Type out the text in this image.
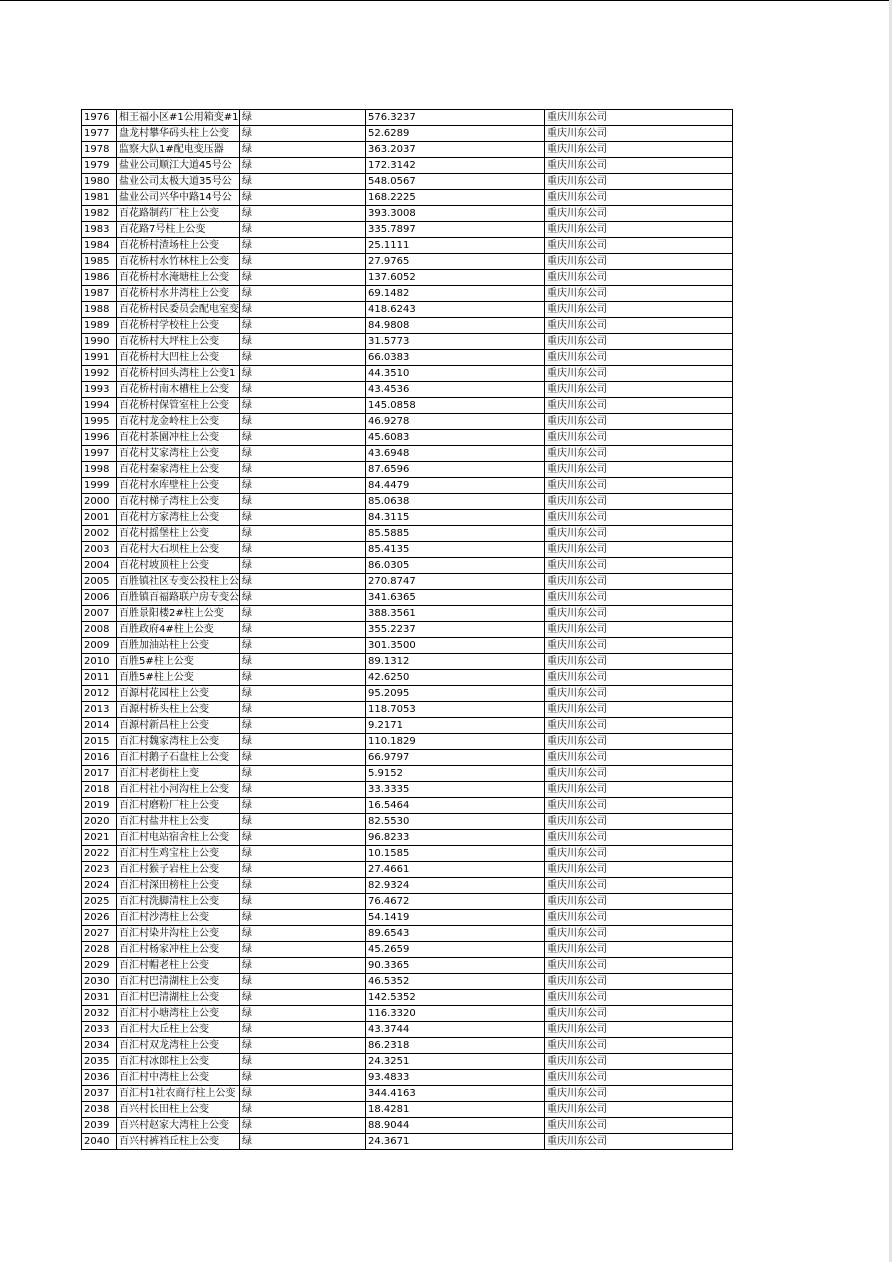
1976	相王福小区#1公用箱变#1	绿	576.3237	重庆川东公司
1977	盘龙村攀华码头柱上公变	绿	52.6289	重庆川东公司
1978	监察大队1#配电变压器	绿	363.2037	重庆川东公司
1979	盐业公司顺江大道45号公	绿	172.3142	重庆川东公司
1980	盐业公司太极大道35号公	绿	548.0567	重庆川东公司
1981	盐业公司兴华中路14号公	绿	168.2225	重庆川东公司
1982	百花路制药厂柱上公变	绿	393.3008	重庆川东公司
1983	百花路7号柱上公变	绿	335.7897	重庆川东公司
1984	百花桥村渣场柱上公变	绿	25.1111	重庆川东公司
1985	百花桥村水竹林柱上公变	绿	27.9765	重庆川东公司
1986	百花桥村水淹塘柱上公变	绿	137.6052	重庆川东公司
1987	百花桥村水井湾柱上公变	绿	69.1482	重庆川东公司
1988	百花桥村民委员会配电室变	绿	418.6243	重庆川东公司
1989	百花桥村学校柱上公变	绿	84.9808	重庆川东公司
1990	百花桥村大坪柱上公变	绿	31.5773	重庆川东公司
1991	百花桥村大凹柱上公变	绿	66.0383	重庆川东公司
1992	百花桥村回头湾柱上公变1	绿	44.3510	重庆川东公司
1993	百花桥村南木槽柱上公变	绿	43.4536	重庆川东公司
1994	百花桥村保管室柱上公变	绿	145.0858	重庆川东公司
1995	百花村龙金岭柱上公变	绿	46.9278	重庆川东公司
1996	百花村茶園冲柱上公变	绿	45.6083	重庆川东公司
1997	百花村艾家湾柱上公变	绿	43.6948	重庆川东公司
1998	百花村秦家湾柱上公变	绿	87.6596	重庆川东公司
1999	百花村水库壁柱上公变	绿	84.4479	重庆川东公司
2000	百花村梯子湾柱上公变	绿	85.0638	重庆川东公司
2001	百花村方家湾柱上公变	绿	84.3115	重庆川东公司
2002	百花村摇堡柱上公变	绿	85.5885	重庆川东公司
2003	百花村大石坝柱上公变	绿	85.4135	重庆川东公司
2004	百花村坡顶柱上公变	绿	86.0305	重庆川东公司
2005	百胜镇社区专变公投柱上公	绿	270.8747	重庆川东公司
2006	百胜镇百福路联户房专变公	绿	341.6365	重庆川东公司
2007	百胜景阳楼2#柱上公变	绿	388.3561	重庆川东公司
2008	百胜政府4#柱上公变	绿	355.2237	重庆川东公司
2009	百胜加油站柱上公变	绿	301.3500	重庆川东公司
2010	百胜5#柱上公变	绿	89.1312	重庆川东公司
2011	百胜5#柱上公变	绿	42.6250	重庆川东公司
2012	百源村花园柱上公变	绿	95.2095	重庆川东公司
2013	百源村桥头柱上公变	绿	118.7053	重庆川东公司
2014	百源村新昌柱上公变	绿	9.2171	重庆川东公司
2015	百汇村魏家湾柱上公变	绿	110.1829	重庆川东公司
2016	百汇村鹅子石盘柱上公变	绿	66.9797	重庆川东公司
2017	百汇村老街柱上变	绿	5.9152	重庆川东公司
2018	百汇村社小河沟柱上公变	绿	33.3335	重庆川东公司
2019	百汇村磨粉厂柱上公变	绿	16.5464	重庆川东公司
2020	百汇村盐井柱上公变	绿	82.5530	重庆川东公司
2021	百汇村电站宿舍柱上公变	绿	96.8233	重庆川东公司
2022	百汇村生鸡宝柱上公变	绿	10.1585	重庆川东公司
2023	百汇村猴子岩柱上公变	绿	27.4661	重庆川东公司
2024	百汇村深田榜柱上公变	绿	82.9324	重庆川东公司
2025	百汇村洗脚清柱上公变	绿	76.4672	重庆川东公司
2026	百汇村沙湾柱上公变	绿	54.1419	重庆川东公司
2027	百汇村染井沟柱上公变	绿	89.6543	重庆川东公司
2028	百汇村杨家冲柱上公变	绿	45.2659	重庆川东公司
2029	百汇村帽老柱上公变	绿	90.3365	重庆川东公司
2030	百汇村巴清湖柱上公变	绿	46.5352	重庆川东公司
2031	百汇村巴清湖柱上公变	绿	142.5352	重庆川东公司
2032	百汇村小塘湾柱上公变	绿	116.3320	重庆川东公司
2033	百汇村大丘柱上公变	绿	43.3744	重庆川东公司
2034	百汇村双龙湾柱上公变	绿	86.2318	重庆川东公司
2035	百汇村冰郎柱上公变	绿	24.3251	重庆川东公司
2036	百汇村中湾柱上公变	绿	93.4833	重庆川东公司
2037	百汇村1社农商行柱上公变	绿	344.4163	重庆川东公司
2038	百兴村长田柱上公变	绿	18.4281	重庆川东公司
2039	百兴村赵家大湾柱上公变	绿	88.9044	重庆川东公司
2040	百兴村裤裆丘柱上公变	绿	24.3671	重庆川东公司
